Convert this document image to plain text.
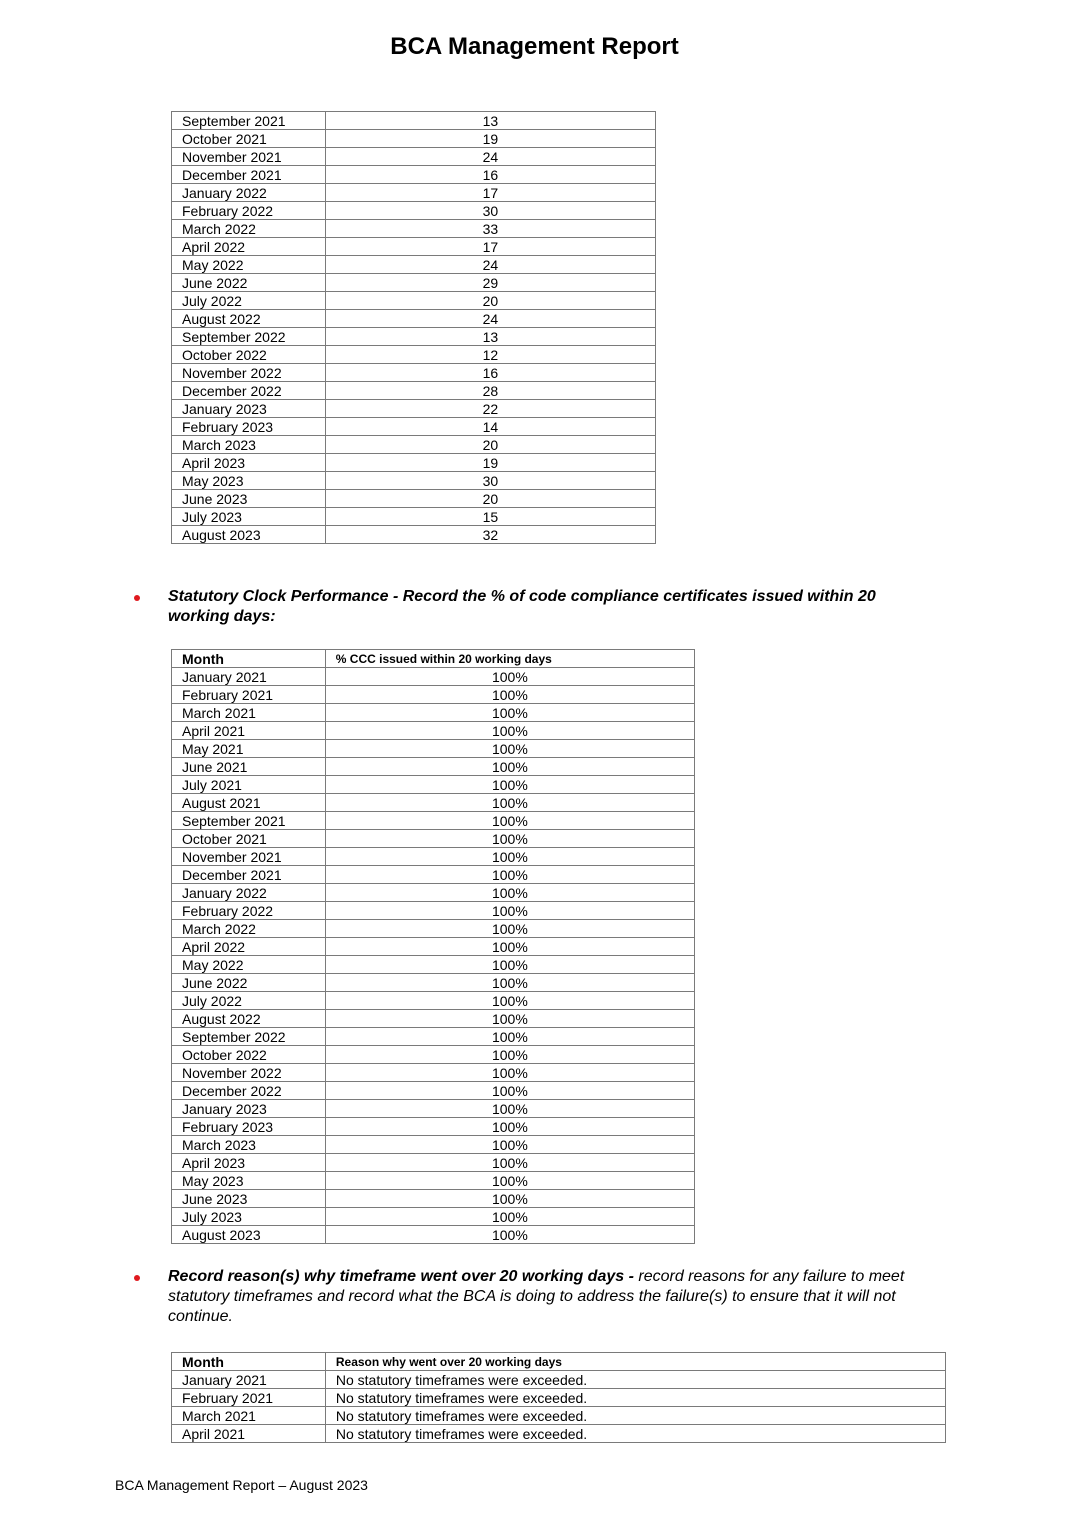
BCA Management Report
September 2021	13
October 2021	19
November 2021	24
December 2021	16
January 2022	17
February 2022	30
March 2022	33
April 2022	17
May 2022	24
June 2022	29
July 2022	20
August 2022	24
September 2022	13
October 2022	12
November 2022	16
December 2022	28
January 2023	22
February 2023	14
March 2023	20
April 2023	19
May 2023	30
June 2023	20
July 2023	15
August 2023	32
Statutory Clock Performance - Record the % of code compliance certificates issued within 20 working days:
Month	% CCC issued within 20 working days
January 2021	100%
February 2021	100%
March 2021	100%
April 2021	100%
May 2021	100%
June 2021	100%
July 2021	100%
August 2021	100%
September 2021	100%
October 2021	100%
November 2021	100%
December 2021	100%
January 2022	100%
February 2022	100%
March 2022	100%
April 2022	100%
May 2022	100%
June 2022	100%
July 2022	100%
August 2022	100%
September 2022	100%
October 2022	100%
November 2022	100%
December 2022	100%
January 2023	100%
February 2023	100%
March 2023	100%
April 2023	100%
May 2023	100%
June 2023	100%
July 2023	100%
August 2023	100%
Record reason(s) why timeframe went over 20 working days - record reasons for any failure to meet statutory timeframes and record what the BCA is doing to address the failure(s) to ensure that it will not continue.
Month	Reason why went over 20 working days
January 2021	No statutory timeframes were exceeded.
February 2021	No statutory timeframes were exceeded.
March 2021	No statutory timeframes were exceeded.
April 2021	No statutory timeframes were exceeded.
BCA Management Report – August 2023
